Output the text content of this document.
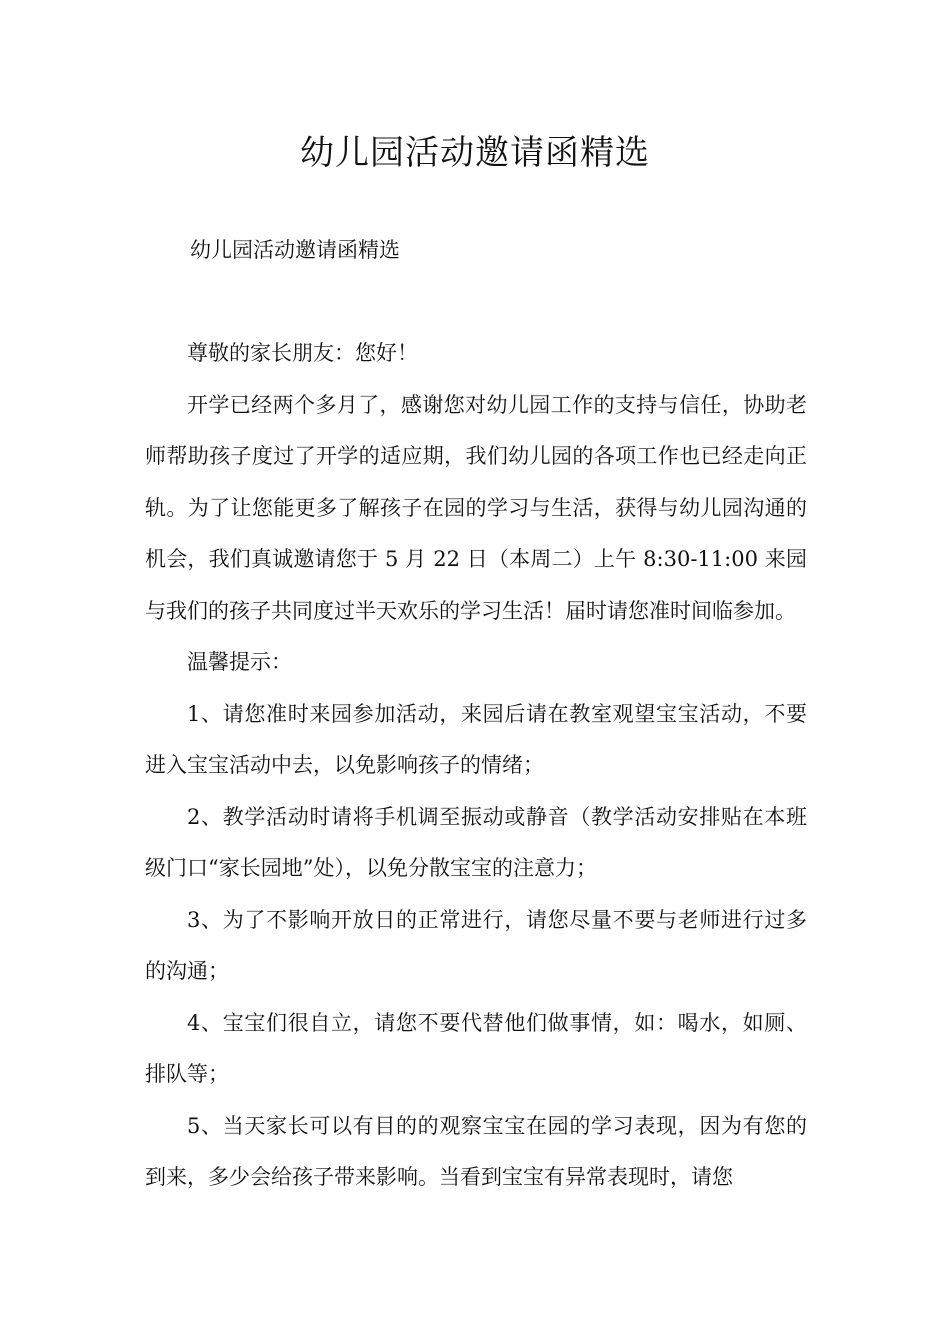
幼儿园活动邀请函精选
幼儿园活动邀请函精选

尊敬的家长朋友：您好！

开学已经两个多月了，感谢您对幼儿园工作的支持与信任，协助老师帮助孩子度过了开学的适应期，我们幼儿园的各项工作也已经走向正轨。为了让您能更多了解孩子在园的学习与生活，获得与幼儿园沟通的机会，我们真诚邀请您于 5 月 22 日（本周二）上午 8:30-11:00 来园与我们的孩子共同度过半天欢乐的学习生活！届时请您准时间临参加。

温馨提示：

1、请您准时来园参加活动，来园后请在教室观望宝宝活动，不要进入宝宝活动中去，以免影响孩子的情绪；

2、教学活动时请将手机调至振动或静音（教学活动安排贴在本班级门口“家长园地”处），以免分散宝宝的注意力；

3、为了不影响开放日的正常进行，请您尽量不要与老师进行过多的沟通；

4、宝宝们很自立，请您不要代替他们做事情，如：喝水，如厕、排队等；

5、当天家长可以有目的的观察宝宝在园的学习表现，因为有您的到来，多少会给孩子带来影响。当看到宝宝有异常表现时，请您
